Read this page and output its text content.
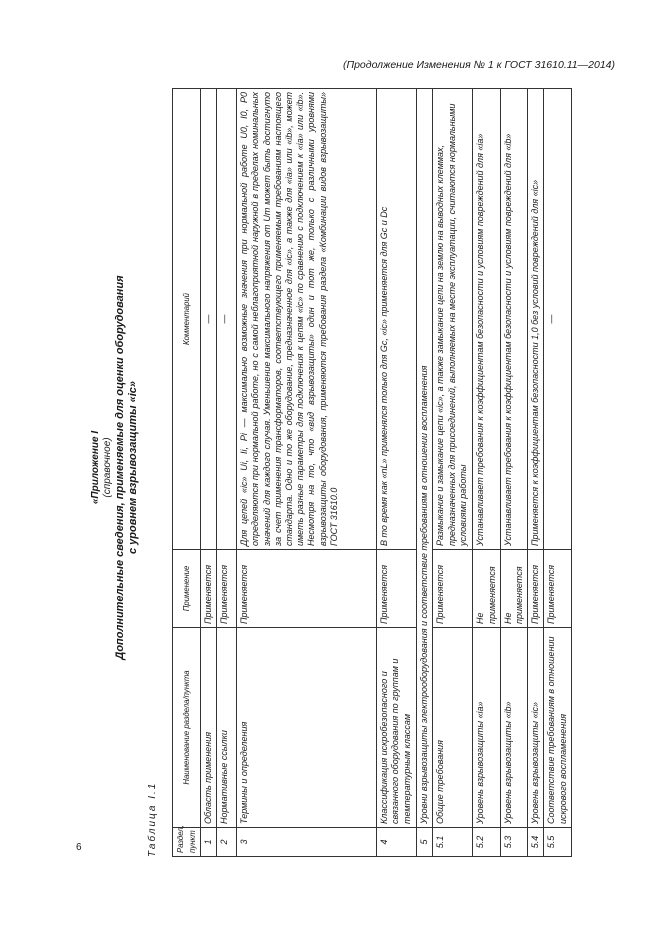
(Продолжение Изменения № 1 к ГОСТ 31610.11—2014)
6
«Приложение I (справочное) Дополнительные сведения, применяемые для оценки оборудования с уровнем взрывозащиты «ic»
Таблица I.1 Раздел, пункт	Наименование раздела/пункта	Применение	Комментарий
1	Область применения	Применяется	—
2	Нормативные ссылки	Применяется	—
3	Термины и определения	Применяется	Для цепей «ic» Ui, Ii, Pi — максимально возможные значения при нормальной работе U0, I0, P0 определяются при нормальной работе, но с самой неблагоприятной наружной в пределах номинальных значений для каждого случая. Уменьшение максимального напряжения от Um может быть достигнуто за счет применения трансформаторов, соответствующего применяемым требованиям настоящего стандарта. Одно и то же оборудование, предназначенное для «ic», а также для «ia» или «ib», может иметь разные параметры для подключения к цепям «ic» по сравнению с подключением к «ia» или «ib». Несмотря на то, что «вид взрывозащиты» один и тот же, только с различными уровнями взрывозащиты оборудования, применяются требования раздела «Комбинации видов взрывозащиты» ГОСТ 31610.0
4	Классификация искробезопасного и связанного оборудования по группам и температурным классам	Применяется	В то время как «nL» применялся только для Gc, «ic» применяется для Gc и Dc
5	Уровни взрывозащиты электрооборудования и соответствие требованиям в отношении воспламенения		
5.1	Общие требования	Применяется	Размыкание и замыкание цепи «ic», а также замыкание цепи на землю на выводных клеммах, предназначенных для присоединений, выполняемых на месте эксплуатации, считаются нормальными условиями работы
5.2	Уровень взрывозащиты «ia»	Не применяется	Устанавливает требования к коэффициентам безопасности и условиям повреждений для «ia»
5.3	Уровень взрывозащиты «ib»	Не применяется	Устанавливает требования к коэффициентам безопасности и условиям повреждений для «ib»
5.4	Уровень взрывозащиты «ic»	Применяется	Применяется к коэффициентам безопасности 1,0 без условий повреждений для «ic»
5.5	Соответствие требованиям в отношении искрового воспламенения	Применяется	—
